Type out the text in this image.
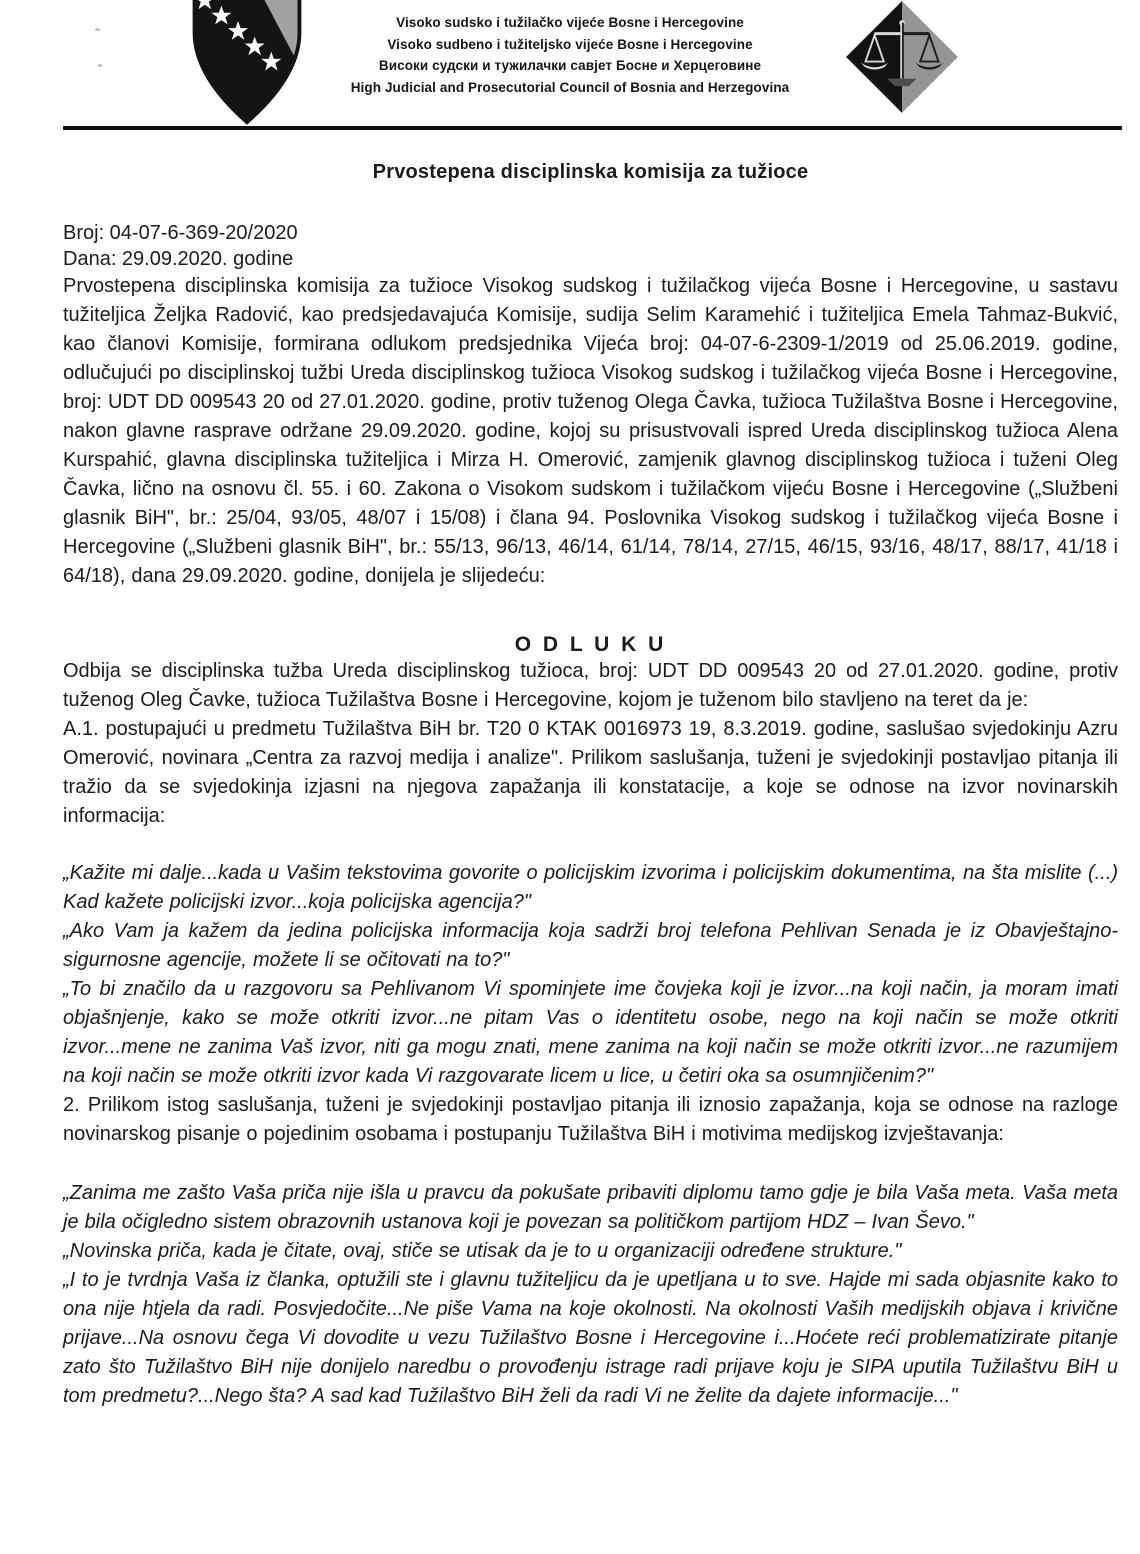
Visoko sudsko i tužilačko vijeće Bosne i Hercegovine
Visoko sudbeno i tužiteljsko vijeće Bosne i Hercegovine
Високи судски и тужилачки савјет Босне и Херцеговине
High Judicial and Prosecutorial Council of Bosnia and Herzegovina
Prvostepena disciplinska komisija za tužioce
Broj: 04-07-6-369-20/2020
Dana: 29.09.2020. godine

Prvostepena disciplinska komisija za tužioce Visokog sudskog i tužilačkog vijeća Bosne i Hercegovine, u sastavu tužiteljica Željka Radović, kao predsjedavajuća Komisije, sudija Selim Karamehić i tužiteljica Emela Tahmaz-Bukvić, kao članovi Komisije, formirana odlukom predsjednika Vijeća broj: 04-07-6-2309-1/2019 od 25.06.2019. godine, odlučujući po disciplinskoj tužbi Ureda disciplinskog tužioca Visokog sudskog i tužilačkog vijeća Bosne i Hercegovine, broj: UDT DD 009543 20 od 27.01.2020. godine, protiv tuženog Olega Čavka, tužioca Tužilaštva Bosne i Hercegovine, nakon glavne rasprave održane 29.09.2020. godine, kojoj su prisustvovali ispred Ureda disciplinskog tužioca Alena Kurspahić, glavna disciplinska tužiteljica i Mirza H. Omerović, zamjenik glavnog disciplinskog tužioca i tuženi Oleg Čavka, lično na osnovu čl. 55. i 60. Zakona o Visokom sudskom i tužilačkom vijeću Bosne i Hercegovine („Službeni glasnik BiH", br.: 25/04, 93/05, 48/07 i 15/08) i člana 94. Poslovnika Visokog sudskog i tužilačkog vijeća Bosne i Hercegovine („Službeni glasnik BiH", br.: 55/13, 96/13, 46/14, 61/14, 78/14, 27/15, 46/15, 93/16, 48/17, 88/17, 41/18 i 64/18), dana 29.09.2020. godine, donijela je slijedeću:

O D L U K U

Odbija se disciplinska tužba Ureda disciplinskog tužioca, broj: UDT DD 009543 20 od 27.01.2020. godine, protiv tuženog Oleg Čavke, tužioca Tužilaštva Bosne i Hercegovine, kojom je tuženom bilo stavljeno na teret da je:

A.1. postupajući u predmetu Tužilaštva BiH br. T20 0 KTAK 0016973 19, 8.3.2019. godine, saslušao svjedokinju Azru Omerović, novinara „Centra za razvoj medija i analize". Prilikom saslušanja, tuženi je svjedokinji postavljao pitanja ili tražio da se svjedokinja izjasni na njegova zapažanja ili konstatacije, a koje se odnose na izvor novinarskih informacija:

„Kažite mi dalje...kada u Vašim tekstovima govorite o policijskim izvorima i policijskim dokumentima, na šta mislite (...) Kad kažete policijski izvor...koja policijska agencija?"

„Ako Vam ja kažem da jedina policijska informacija koja sadrži broj telefona Pehlivan Senada je iz Obavještajno-sigurnosne agencije, možete li se očitovati na to?"

„To bi značilo da u razgovoru sa Pehlivanom Vi spominjete ime čovjeka koji je izvor...na koji način, ja moram imati objašnjenje, kako se može otkriti izvor...ne pitam Vas o identitetu osobe, nego na koji način se može otkriti izvor...mene ne zanima Vaš izvor, niti ga mogu znati, mene zanima na koji način se može otkriti izvor...ne razumijem na koji način se može otkriti izvor kada Vi razgovarate licem u lice, u četiri oka sa osumnjičenim?"

2. Prilikom istog saslušanja, tuženi je svjedokinji postavljao pitanja ili iznosio zapažanja, koja se odnose na razloge novinarskog pisanje o pojedinim osobama i postupanju Tužilaštva BiH i motivima medijskog izvještavanja:

„Zanima me zašto Vaša priča nije išla u pravcu da pokušate pribaviti diplomu tamo gdje je bila Vaša meta. Vaša meta je bila očigledno sistem obrazovnih ustanova koji je povezan sa političkom partijom HDZ – Ivan Ševo."

„Novinska priča, kada je čitate, ovaj, stiče se utisak da je to u organizaciji određene strukture."

„I to je tvrdnja Vaša iz članka, optužili ste i glavnu tužiteljicu da je upetljana u to sve. Hajde mi sada objasnite kako to ona nije htjela da radi. Posvjedočite...Ne piše Vama na koje okolnosti. Na okolnosti Vaših medijskih objava i krivične prijave...Na osnovu čega Vi dovodite u vezu Tužilaštvo Bosne i Hercegovine i...Hoćete reći problematizirate pitanje zato što Tužilaštvo BiH nije donijelo naredbu o provođenju istrage radi prijave koju je SIPA uputila Tužilaštvu BiH u tom predmetu?...Nego šta? A sad kad Tužilaštvo BiH želi da radi Vi ne želite da dajete informacije..."
